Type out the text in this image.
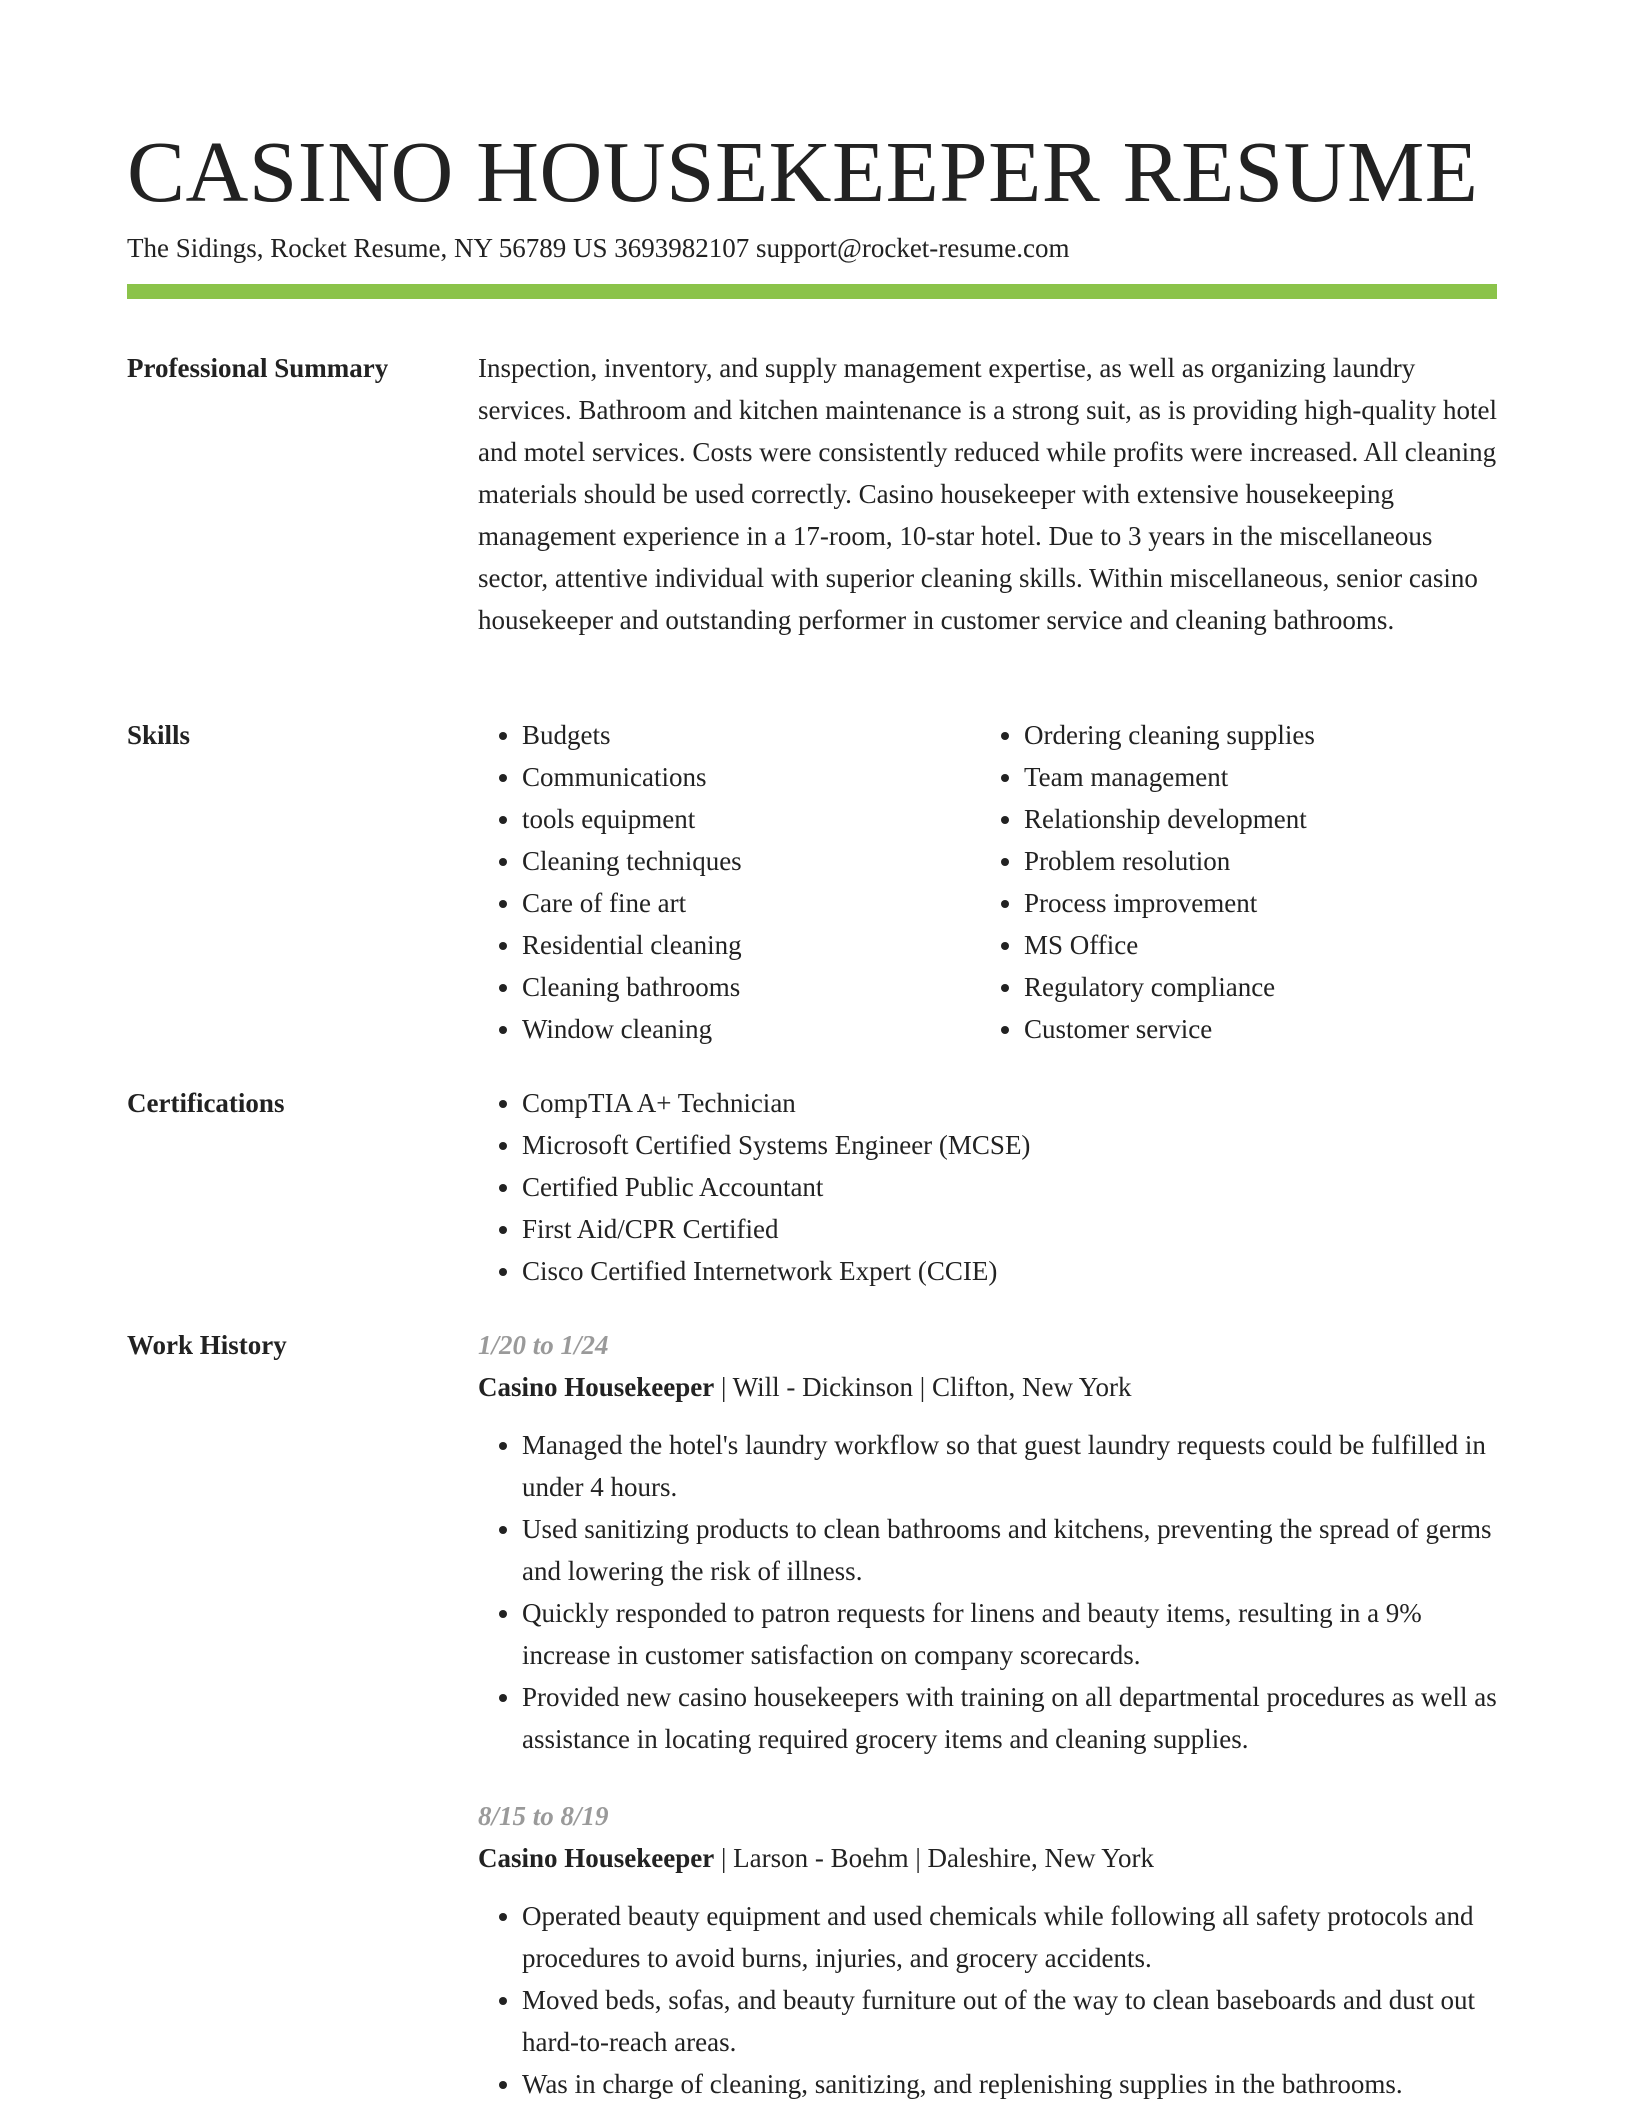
CASINO HOUSEKEEPER RESUME
The Sidings, Rocket Resume, NY 56789 US 3693982107 support@rocket-resume.com
Professional Summary	Inspection, inventory, and supply management expertise, as well as organizing laundry services. Bathroom and kitchen maintenance is a strong suit, as is providing high-quality hotel and motel services. Costs were consistently reduced while profits were increased. All cleaning materials should be used correctly. Casino housekeeper with extensive housekeeping management experience in a 17-room, 10-star hotel. Due to 3 years in the miscellaneous sector, attentive individual with superior cleaning skills. Within miscellaneous, senior casino housekeeper and outstanding performer in customer service and cleaning bathrooms.

Skills	• Budgets
• Communications
• tools equipment
• Cleaning techniques
• Care of fine art
• Residential cleaning
• Cleaning bathrooms
• Window cleaning
• Ordering cleaning supplies
• Team management
• Relationship development
• Problem resolution
• Process improvement
• MS Office
• Regulatory compliance
• Customer service
Certifications	• CompTIA A+ Technician
• Microsoft Certified Systems Engineer (MCSE)
• Certified Public Accountant
• First Aid/CPR Certified
• Cisco Certified Internetwork Expert (CCIE)
Work History	1/20 to 1/24
Casino Housekeeper | Will - Dickinson | Clifton, New York
• Managed the hotel's laundry workflow so that guest laundry requests could be fulfilled in under 4 hours.
• Used sanitizing products to clean bathrooms and kitchens, preventing the spread of germs and lowering the risk of illness.
• Quickly responded to patron requests for linens and beauty items, resulting in a 9% increase in customer satisfaction on company scorecards.
• Provided new casino housekeepers with training on all departmental procedures as well as assistance in locating required grocery items and cleaning supplies.
8/15 to 8/19
Casino Housekeeper | Larson - Boehm | Daleshire, New York
• Operated beauty equipment and used chemicals while following all safety protocols and procedures to avoid burns, injuries, and grocery accidents.
• Moved beds, sofas, and beauty furniture out of the way to clean baseboards and dust out hard-to-reach areas.
• Was in charge of cleaning, sanitizing, and replenishing supplies in the bathrooms.
